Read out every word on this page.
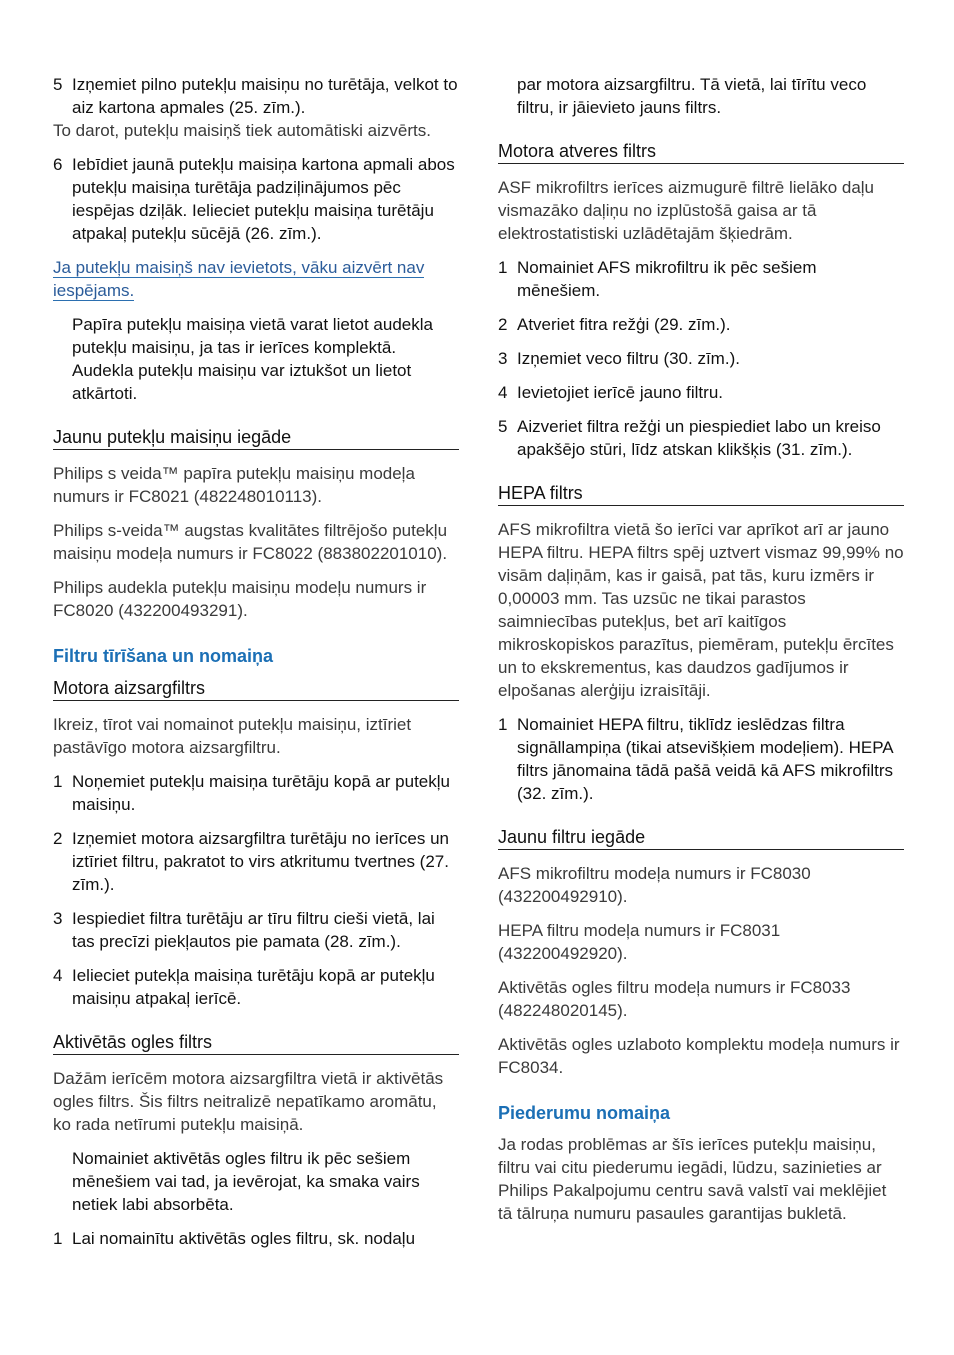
5 Izņemiet pilno putekļu maisiņu no turētāja, velkot to aiz kartona apmales (25. zīm.).

To darot, putekļu maisiņš tiek automātiski aizvērts.

6 Iebīdiet jaunā putekļu maisiņa kartona apmali abos putekļu maisiņa turētāja padziļinājumos pēc iespējas dziļāk. Ielieciet putekļu maisiņa turētāju atpakaļ putekļu sūcējā (26. zīm.).

Ja putekļu maisiņš nav ievietots, vāku aizvērt nav iespējams.

Papīra putekļu maisiņa vietā varat lietot audekla putekļu maisiņu, ja tas ir ierīces komplektā. Audekla putekļu maisiņu var iztukšot un lietot atkārtoti.

Jaunu putekļu maisiņu iegāde

Philips s veida™ papīra putekļu maisiņu modeļa numurs ir FC8021 (482248010113).

Philips s-veida™ augstas kvalitātes filtrējošo putekļu maisiņu modeļa numurs ir FC8022 (883802201010).

Philips audekla putekļu maisiņu modeļu numurs ir FC8020 (432200493291).

Filtru tīrīšana un nomaiņa
Motora aizsargfiltrs

Ikreiz, tīrot vai nomainot putekļu maisiņu, iztīriet pastāvīgo motora aizsargfiltru.

1 Noņemiet putekļu maisiņa turētāju kopā ar putekļu maisiņu.

2 Izņemiet motora aizsargfiltra turētāju no ierīces un iztīriet filtru, pakratot to virs atkritumu tvertnes (27. zīm.).

3 Iespiediet filtra turētāju ar tīru filtru cieši vietā, lai tas precīzi piekļautos pie pamata (28. zīm.).

4 Ielieciet putekļa maisiņa turētāju kopā ar putekļu maisiņu atpakaļ ierīcē.

Aktivētās ogles filtrs

Dažām ierīcēm motora aizsargfiltra vietā ir aktivētās ogles filtrs. Šis filtrs neitralizē nepatīkamo aromātu, ko rada netīrumi putekļu maisiņā.

Nomainiet aktivētās ogles filtru ik pēc sešiem mēnešiem vai tad, ja ievērojat, ka smaka vairs netiek labi absorbēta.

1 Lai nomainītu aktivētās ogles filtru, sk. nodaļu

par motora aizsargfiltru. Tā vietā, lai tīrītu veco filtru, ir jāievieto jauns filtrs.

Motora atveres filtrs

ASF mikrofiltrs ierīces aizmugurē filtrē lielāko daļu vismazāko daļiņu no izplūstošā gaisa ar tā elektrostatistiski uzlādētajām šķiedrām.

1 Nomainiet AFS mikrofiltru ik pēc sešiem mēnešiem.

2 Atveriet fitra režģi (29. zīm.).

3 Izņemiet veco filtru (30. zīm.).

4 Ievietojiet ierīcē jauno filtru.

5 Aizveriet filtra režģi un piespiediet labo un kreiso apakšējo stūri, līdz atskan klikšķis (31. zīm.).

HEPA filtrs

AFS mikrofiltra vietā šo ierīci var aprīkot arī ar jauno HEPA filtru. HEPA filtrs spēj uztvert vismaz 99,99% no visām daļiņām, kas ir gaisā, pat tās, kuru izmērs ir 0,00003 mm. Tas uzsūc ne tikai parastos saimniecības putekļus, bet arī kaitīgos mikroskopiskos parazītus, piemēram, putekļu ērcītes un to ekskrementus, kas daudzos gadījumos ir elpošanas alerģiju izraisītāji.

1 Nomainiet HEPA filtru, tiklīdz ieslēdzas filtra signāllampiņa (tikai atsevišķiem modeļiem). HEPA filtrs jānomaina tādā pašā veidā kā AFS mikrofiltrs (32. zīm.).

Jaunu filtru iegāde

AFS mikrofiltru modeļa numurs ir FC8030 (432200492910).

HEPA filtru modeļa numurs ir FC8031 (432200492920).

Aktivētās ogles filtru modeļa numurs ir FC8033 (482248020145).

Aktivētās ogles uzlaboto komplektu modeļa numurs ir FC8034.

Piederumu nomaiņa

Ja rodas problēmas ar šīs ierīces putekļu maisiņu, filtru vai citu piederumu iegādi, lūdzu, sazinieties ar Philips Pakalpojumu centru savā valstī vai meklējiet tā tālruņa numuru pasaules garantijas bukletā.
